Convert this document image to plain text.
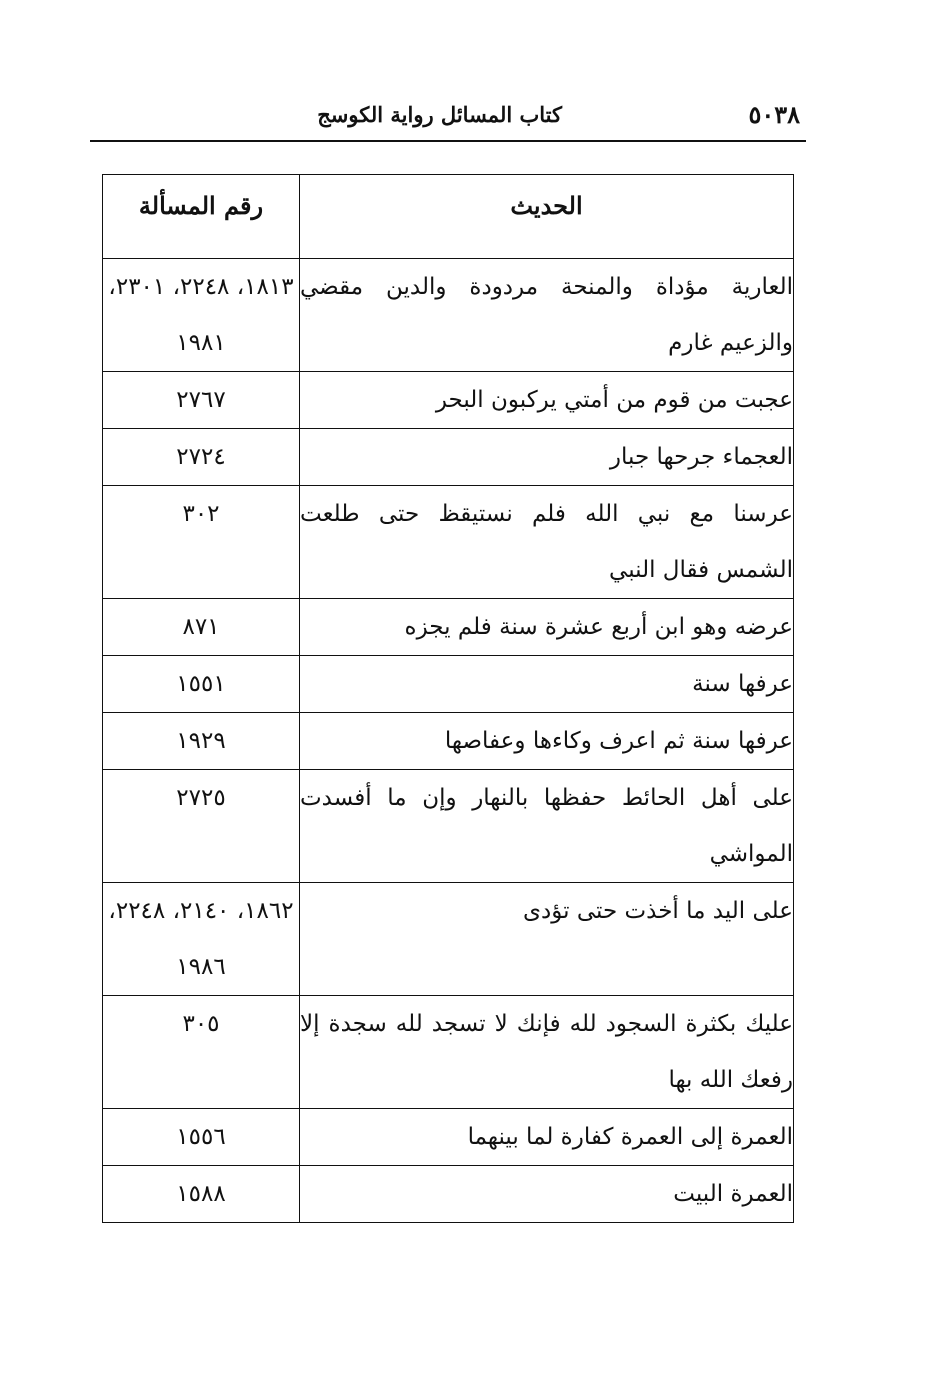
٥٠٣٨
كتاب المسائل رواية الكوسج
الحديث	رقم المسألة
العارية مؤداة والمنحة مردودة والدين مقضي والزعيم غارم	١٨١٣، ٢٢٤٨، ٢٣٠١، ١٩٨١
عجبت من قوم من أمتي يركبون البحر	٢٧٦٧
العجماء جرحها جبار	٢٧٢٤
عرسنا مع نبي الله فلم نستيقظ حتى طلعت الشمس فقال النبي	٣٠٢
عرضه وهو ابن أربع عشرة سنة فلم يجزه	٨٧١
عرفها سنة	١٥٥١
عرفها سنة ثم اعرف وكاءها وعفاصها	١٩٢٩
على أهل الحائط حفظها بالنهار وإن ما أفسدت المواشي	٢٧٢٥
على اليد ما أخذت حتى تؤدى	١٨٦٢، ٢١٤٠، ٢٢٤٨، ١٩٨٦
عليك بكثرة السجود لله فإنك لا تسجد لله سجدة إلا رفعك الله بها	٣٠٥
العمرة إلى العمرة كفارة لما بينهما	١٥٥٦
العمرة البيت	١٥٨٨
